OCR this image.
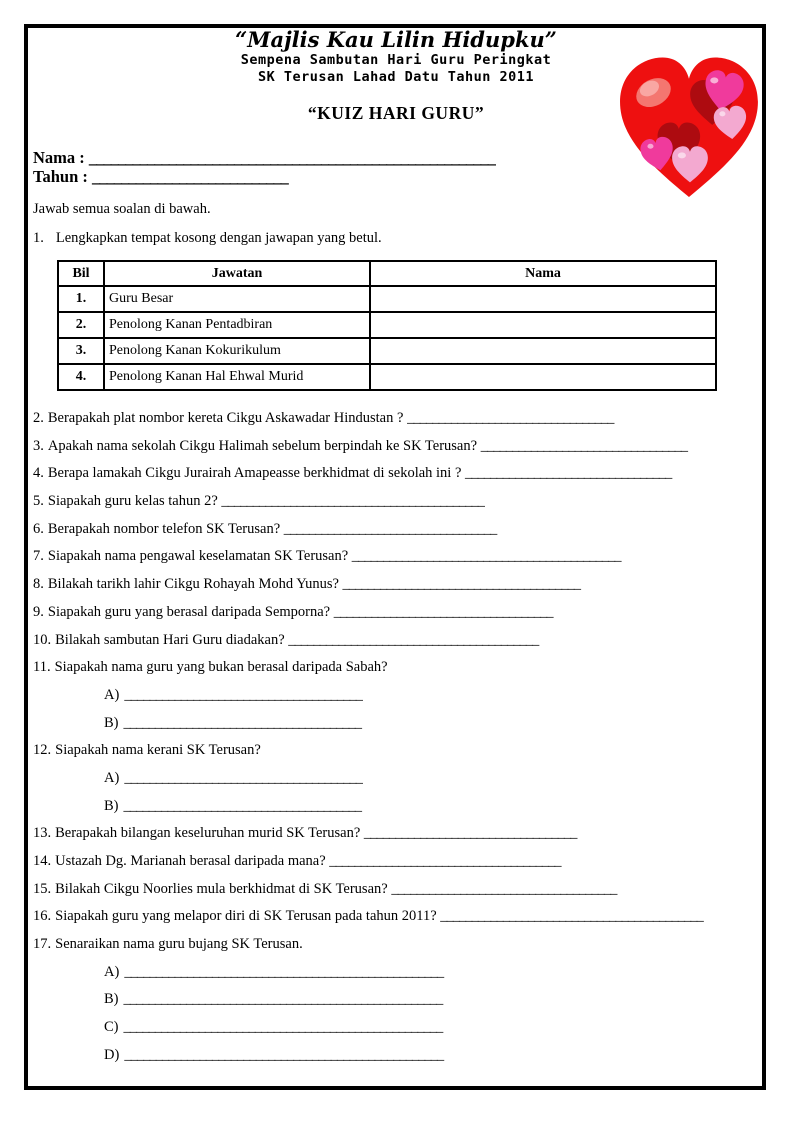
“Majlis Kau Lilin Hidupku”
Sempena Sambutan Hari Guru Peringkat
SK Terusan Lahad Datu Tahun 2011
“KUIZ HARI GURU”
Nama : ________________________________________________________
Tahun : ___________________________
Jawab semua soalan di bawah.
1. Lengkapkan tempat kosong dengan jawapan yang betul.
Bil	Jawatan	Nama
1.	Guru Besar	
2.	Penolong Kanan Pentadbiran	
3.	Penolong Kanan Kokurikulum	
4.	Penolong Kanan Hal Ehwal Murid	
2. Berapakah plat nombor kereta Cikgu Askawadar Hindustan ? _________________________________
3. Apakah nama sekolah Cikgu Halimah sebelum berpindah ke SK Terusan? _________________________________
4. Berapa lamakah Cikgu Jurairah Amapeasse berkhidmat di sekolah ini ? _________________________________
5. Siapakah guru kelas tahun 2? __________________________________________
6. Berapakah nombor telefon SK Terusan? __________________________________
7. Siapakah nama pengawal keselamatan SK Terusan? ___________________________________________
8. Bilakah tarikh lahir Cikgu Rohayah Mohd Yunus? ______________________________________
9. Siapakah guru yang berasal daripada Semporna? ___________________________________
10. Bilakah sambutan Hari Guru diadakan? ________________________________________
11. Siapakah nama guru yang bukan berasal daripada Sabah?
A) ______________________________________
B) ______________________________________
12. Siapakah nama kerani SK Terusan?
A) ______________________________________
B) ______________________________________
13. Berapakah bilangan keseluruhan murid SK Terusan? __________________________________
14. Ustazah Dg. Marianah berasal daripada mana? _____________________________________
15. Bilakah Cikgu Noorlies mula berkhidmat di SK Terusan? ____________________________________
16. Siapakah guru yang melapor diri di SK Terusan pada tahun 2011? __________________________________________
17. Senaraikan nama guru bujang SK Terusan.
A) ___________________________________________________
B) ___________________________________________________
C) ___________________________________________________
D) ___________________________________________________
